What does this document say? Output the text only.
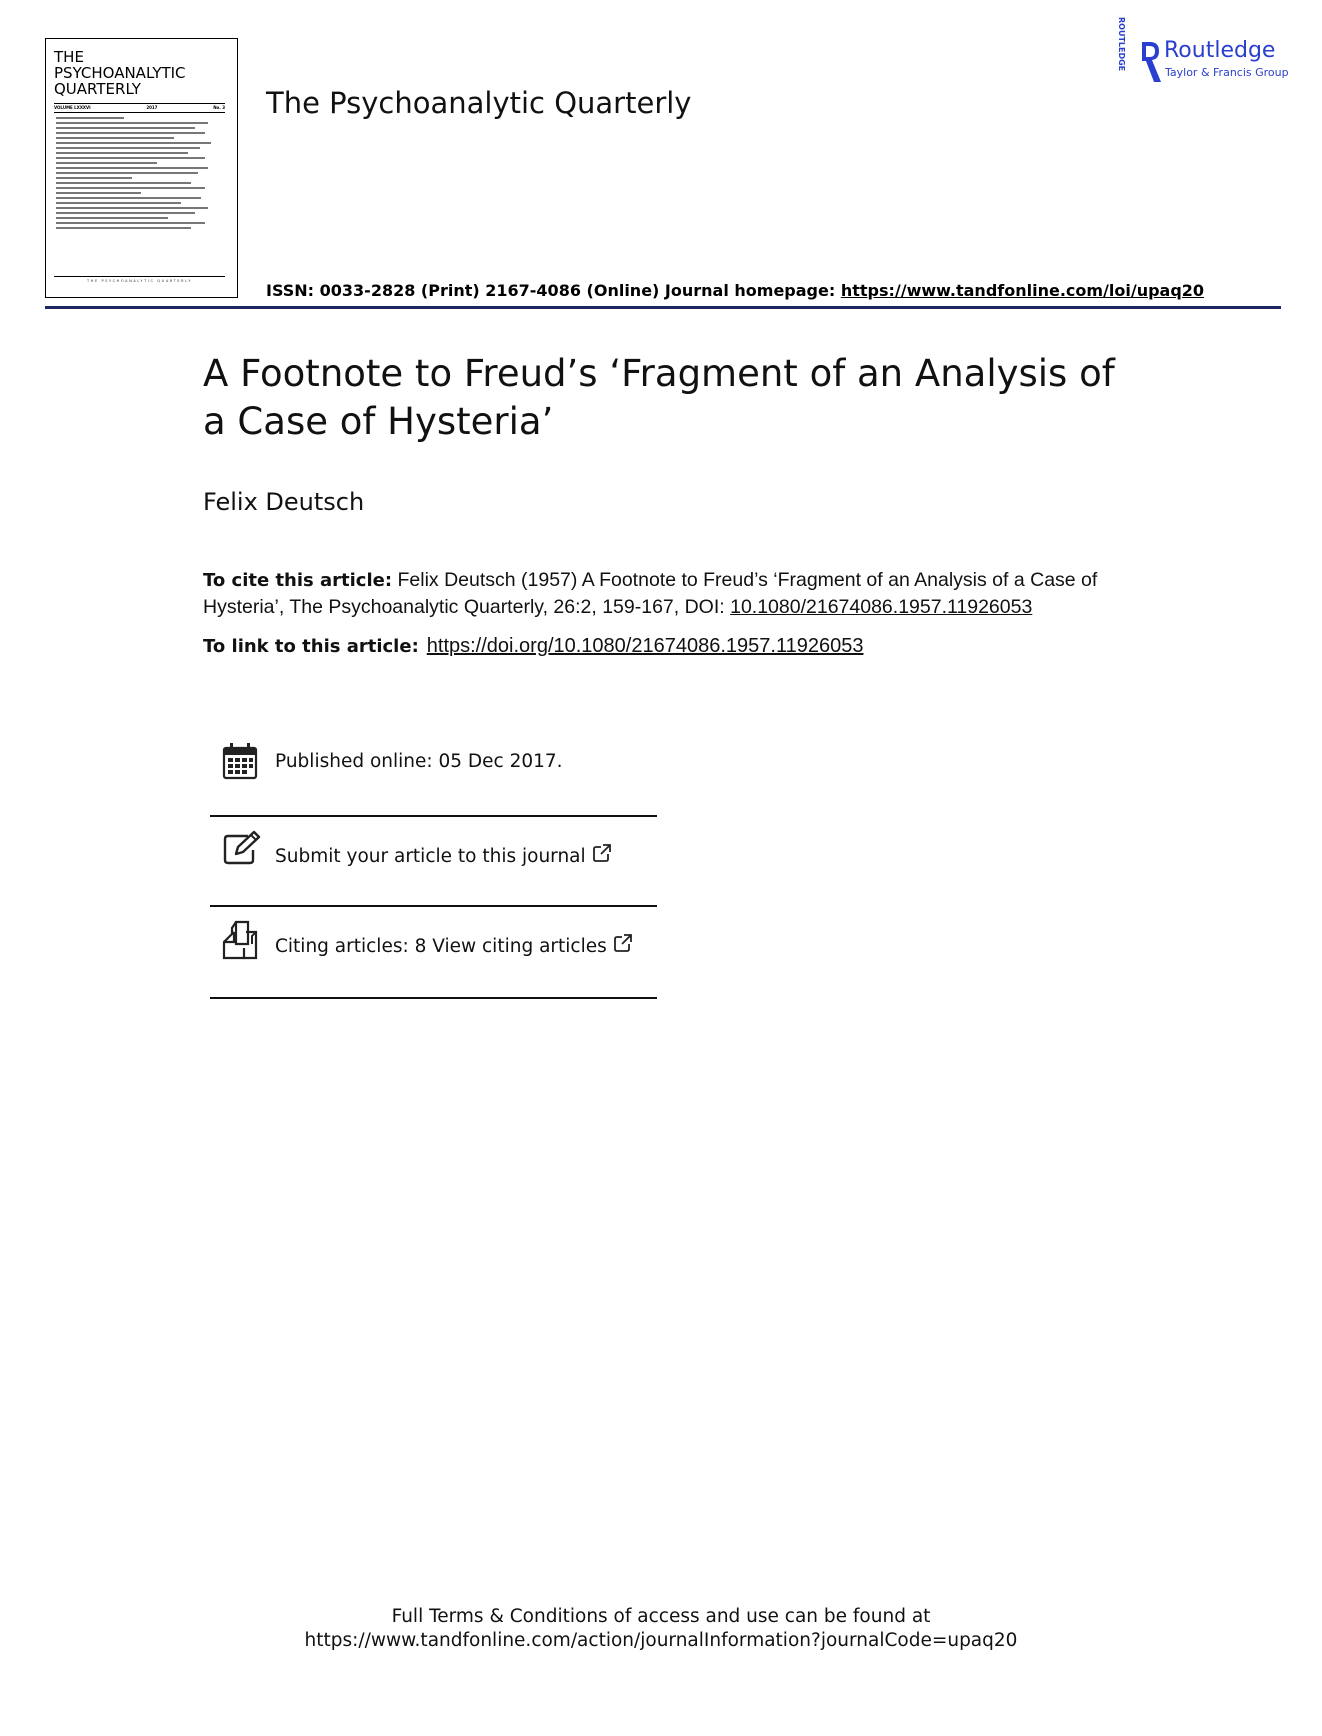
THE
PSYCHOANALYTIC
QUARTERLY
VOLUME LXXXVI	2017	No. 3
THE PSYCHOANALYTIC QUARTERLY
The Psychoanalytic Quarterly
ISSN: 0033-2828 (Print) 2167-4086 (Online) Journal homepage: https://www.tandfonline.com/loi/upaq20
ROUTLEDGE Routledge
Taylor & Francis Group
A Footnote to Freud’s ‘Fragment of an Analysis of a Case of Hysteria’
Felix Deutsch
To cite this article: Felix Deutsch (1957) A Footnote to Freud’s ‘Fragment of an Analysis of a Case of Hysteria’, The Psychoanalytic Quarterly, 26:2, 159-167, DOI: 10.1080/21674086.1957.11926053
To link to this article: https://doi.org/10.1080/21674086.1957.11926053
Published online: 05 Dec 2017.
Submit your article to this journal
Citing articles: 8 View citing articles
Full Terms & Conditions of access and use can be found at
https://www.tandfonline.com/action/journalInformation?journalCode=upaq20
